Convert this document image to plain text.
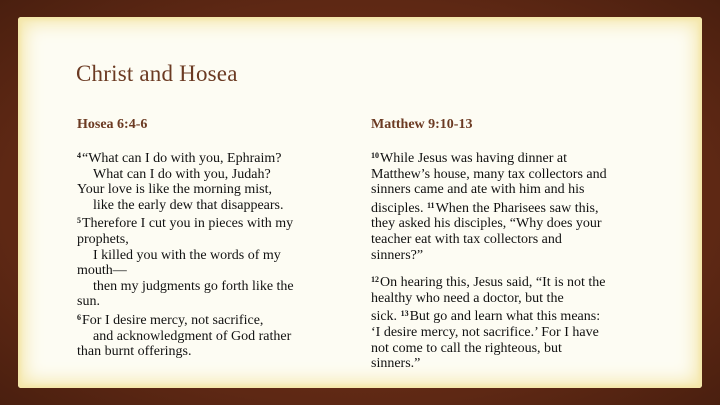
Christ and Hosea
Hosea 6:4-6	Matthew 9:10-13
$^4$“What can I do with you, Ephraim?
What can I do with you, Judah?
Your love is like the morning mist,
like the early dew that disappears.
$^5$Therefore I cut you in pieces with my
prophets,
I killed you with the words of my
mouth—
then my judgments go forth like the
sun.
$^6$For I desire mercy, not sacrifice,
and acknowledgment of God rather
than burnt offerings.
$^{10}$While Jesus was having dinner at
Matthew’s house, many tax collectors and
sinners came and ate with him and his
disciples. $^{11}$When the Pharisees saw this,
they asked his disciples, “Why does your
teacher eat with tax collectors and
sinners?”
$^{12}$On hearing this, Jesus said, “It is not the
healthy who need a doctor, but the
sick. $^{13}$But go and learn what this means:
‘I desire mercy, not sacrifice.’ For I have
not come to call the righteous, but
sinners.”
